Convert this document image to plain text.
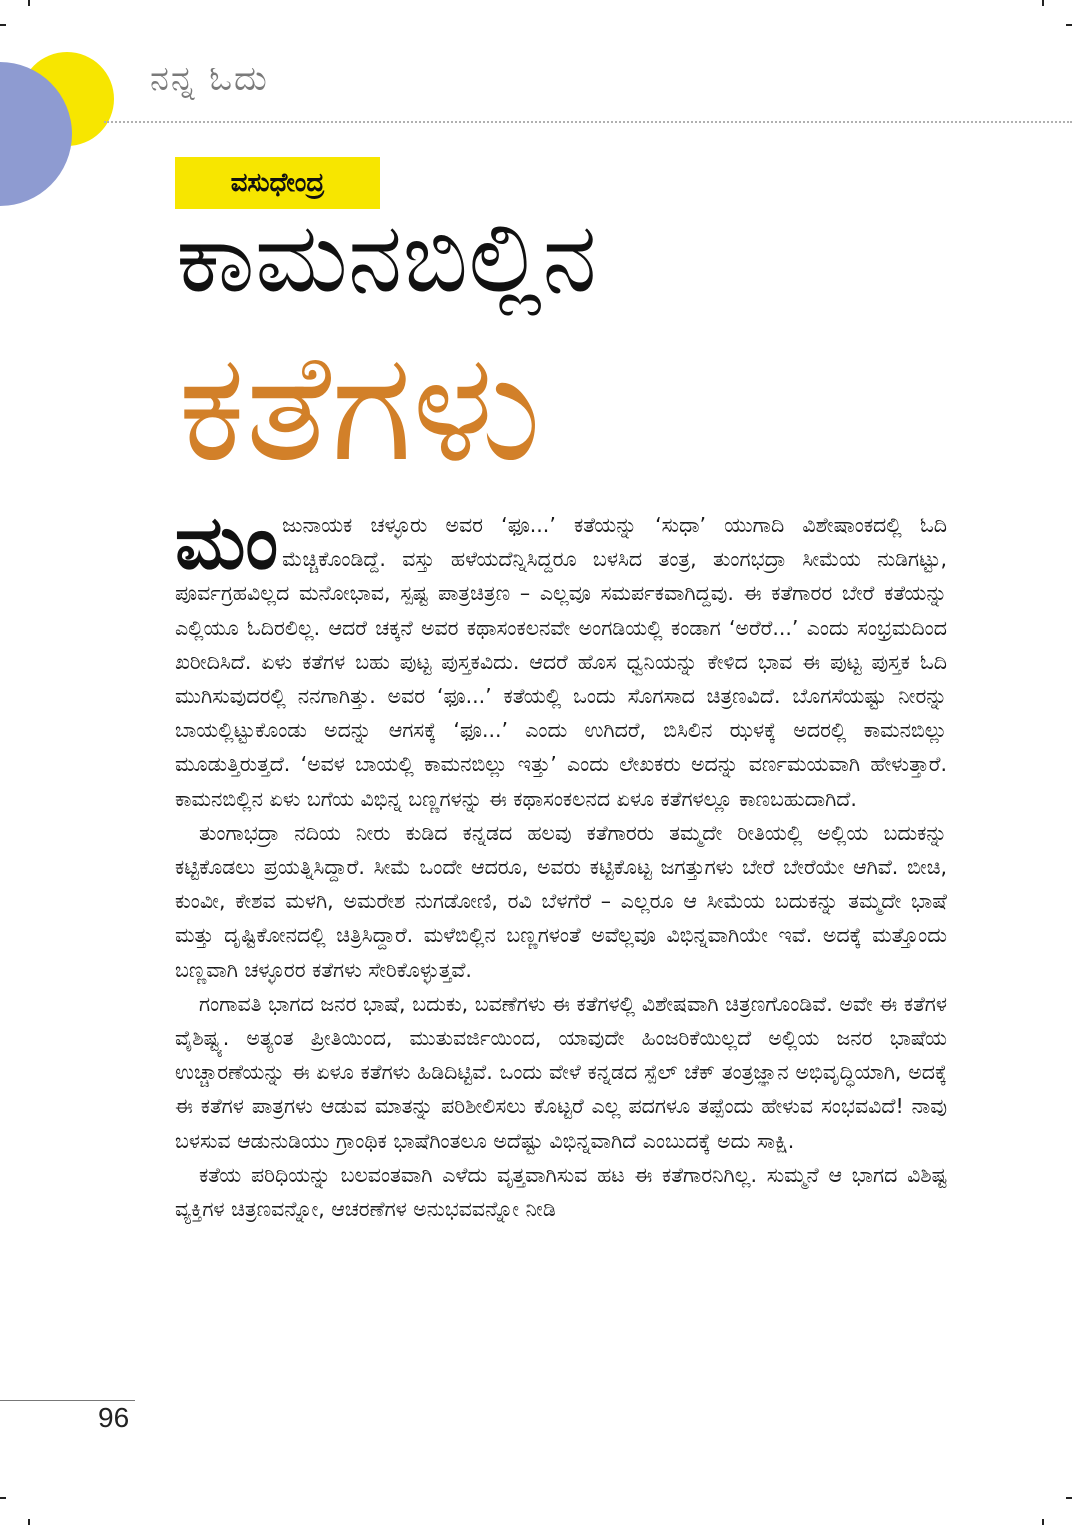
ನನ್ನ ಓದು
ವಸುಧೇಂದ್ರ
ಕಾಮನಬಿಲ್ಲಿನ
ಕತೆಗಳು

ಮಂಜುನಾಯಕ ಚಳ್ಳೂರು ಅವರ ‘ಫೂ...’ ಕತೆಯನ್ನು ‘ಸುಧಾ’ ಯುಗಾದಿ ವಿಶೇಷಾಂಕದಲ್ಲಿ ಓದಿ ಮೆಚ್ಚಿಕೊಂಡಿದ್ದೆ. ವಸ್ತು ಹಳೆಯದೆನ್ನಿಸಿದ್ದರೂ ಬಳಸಿದ ತಂತ್ರ, ತುಂಗಭದ್ರಾ ಸೀಮೆಯ ನುಡಿಗಟ್ಟು, ಪೂರ್ವಗ್ರಹವಿಲ್ಲದ ಮನೋಭಾವ, ಸ್ಪಷ್ಟ ಪಾತ್ರಚಿತ್ರಣ – ಎಲ್ಲವೂ ಸಮರ್ಪಕವಾಗಿದ್ದವು. ಈ ಕತೆಗಾರರ ಬೇರೆ ಕತೆಯನ್ನು ಎಲ್ಲಿಯೂ ಓದಿರಲಿಲ್ಲ. ಆದರೆ ಚಕ್ಕನೆ ಅವರ ಕಥಾಸಂಕಲನವೇ ಅಂಗಡಿಯಲ್ಲಿ ಕಂಡಾಗ ‘ಅರೆರೆ...’ ಎಂದು ಸಂಭ್ರಮದಿಂದ ಖರೀದಿಸಿದೆ. ಏಳು ಕತೆಗಳ ಬಹು ಪುಟ್ಟ ಪುಸ್ತಕವಿದು. ಆದರೆ ಹೊಸ ಧ್ವನಿಯನ್ನು ಕೇಳಿದ ಭಾವ ಈ ಪುಟ್ಟ ಪುಸ್ತಕ ಓದಿ ಮುಗಿಸುವುದರಲ್ಲಿ ನನಗಾಗಿತ್ತು. ಅವರ ‘ಫೂ...’ ಕತೆಯಲ್ಲಿ ಒಂದು ಸೊಗಸಾದ ಚಿತ್ರಣವಿದೆ. ಬೊಗಸೆಯಷ್ಟು ನೀರನ್ನು ಬಾಯಲ್ಲಿಟ್ಟುಕೊಂಡು ಅದನ್ನು ಆಗಸಕ್ಕೆ ‘ಫೂ...’ ಎಂದು ಉಗಿದರೆ, ಬಿಸಿಲಿನ ಝಳಕ್ಕೆ ಅದರಲ್ಲಿ ಕಾಮನಬಿಲ್ಲು ಮೂಡುತ್ತಿರುತ್ತದೆ. ‘ಅವಳ ಬಾಯಲ್ಲಿ ಕಾಮನಬಿಲ್ಲು ಇತ್ತು’ ಎಂದು ಲೇಖಕರು ಅದನ್ನು ವರ್ಣಮಯವಾಗಿ ಹೇಳುತ್ತಾರೆ. ಕಾಮನಬಿಲ್ಲಿನ ಏಳು ಬಗೆಯ ವಿಭಿನ್ನ ಬಣ್ಣಗಳನ್ನು ಈ ಕಥಾಸಂಕಲನದ ಏಳೂ ಕತೆಗಳಲ್ಲೂ ಕಾಣಬಹುದಾಗಿದೆ.

ತುಂಗಾಭದ್ರಾ ನದಿಯ ನೀರು ಕುಡಿದ ಕನ್ನಡದ ಹಲವು ಕತೆಗಾರರು ತಮ್ಮದೇ ರೀತಿಯಲ್ಲಿ ಅಲ್ಲಿಯ ಬದುಕನ್ನು ಕಟ್ಟಿಕೊಡಲು ಪ್ರಯತ್ನಿಸಿದ್ದಾರೆ. ಸೀಮೆ ಒಂದೇ ಆದರೂ, ಅವರು ಕಟ್ಟಿಕೊಟ್ಟ ಜಗತ್ತುಗಳು ಬೇರೆ ಬೇರೆಯೇ ಆಗಿವೆ. ಬೀಚಿ, ಕುಂವೀ, ಕೇಶವ ಮಳಗಿ, ಅಮರೇಶ ನುಗಡೋಣಿ, ರವಿ ಬೆಳಗೆರೆ – ಎಲ್ಲರೂ ಆ ಸೀಮೆಯ ಬದುಕನ್ನು ತಮ್ಮದೇ ಭಾಷೆ ಮತ್ತು ದೃಷ್ಟಿಕೋನದಲ್ಲಿ ಚಿತ್ರಿಸಿದ್ದಾರೆ. ಮಳೆಬಿಲ್ಲಿನ ಬಣ್ಣಗಳಂತೆ ಅವೆಲ್ಲವೂ ವಿಭಿನ್ನವಾಗಿಯೇ ಇವೆ. ಅದಕ್ಕೆ ಮತ್ತೊಂದು ಬಣ್ಣವಾಗಿ ಚಳ್ಳೂರರ ಕತೆಗಳು ಸೇರಿಕೊಳ್ಳುತ್ತವೆ.

ಗಂಗಾವತಿ ಭಾಗದ ಜನರ ಭಾಷೆ, ಬದುಕು, ಬವಣೆಗಳು ಈ ಕತೆಗಳಲ್ಲಿ ವಿಶೇಷವಾಗಿ ಚಿತ್ರಣಗೊಂಡಿವೆ. ಅವೇ ಈ ಕತೆಗಳ ವೈಶಿಷ್ಟ್ಯ. ಅತ್ಯಂತ ಪ್ರೀತಿಯಿಂದ, ಮುತುವರ್ಜಿಯಿಂದ, ಯಾವುದೇ ಹಿಂಜರಿಕೆಯಿಲ್ಲದೆ ಅಲ್ಲಿಯ ಜನರ ಭಾಷೆಯ ಉಚ್ಚಾರಣೆಯನ್ನು ಈ ಏಳೂ ಕತೆಗಳು ಹಿಡಿದಿಟ್ಟಿವೆ. ಒಂದು ವೇಳೆ ಕನ್ನಡದ ಸ್ಪೆಲ್ ಚೆಕ್ ತಂತ್ರಜ್ಞಾನ ಅಭಿವೃದ್ಧಿಯಾಗಿ, ಅದಕ್ಕೆ ಈ ಕತೆಗಳ ಪಾತ್ರಗಳು ಆಡುವ ಮಾತನ್ನು ಪರಿಶೀಲಿಸಲು ಕೊಟ್ಟರೆ ಎಲ್ಲ ಪದಗಳೂ ತಪ್ಪೆಂದು ಹೇಳುವ ಸಂಭವವಿದೆ! ನಾವು ಬಳಸುವ ಆಡುನುಡಿಯು ಗ್ರಾಂಥಿಕ ಭಾಷೆಗಿಂತಲೂ ಅದೆಷ್ಟು ವಿಭಿನ್ನವಾಗಿದೆ ಎಂಬುದಕ್ಕೆ ಅದು ಸಾಕ್ಷಿ.

ಕತೆಯ ಪರಿಧಿಯನ್ನು ಬಲವಂತವಾಗಿ ಎಳೆದು ವೃತ್ತವಾಗಿಸುವ ಹಟ ಈ ಕತೆಗಾರನಿಗಿಲ್ಲ. ಸುಮ್ಮನೆ ಆ ಭಾಗದ ವಿಶಿಷ್ಟ ವ್ಯಕ್ತಿಗಳ ಚಿತ್ರಣವನ್ನೋ, ಆಚರಣೆಗಳ ಅನುಭವವನ್ನೋ ನೀಡಿ

96
